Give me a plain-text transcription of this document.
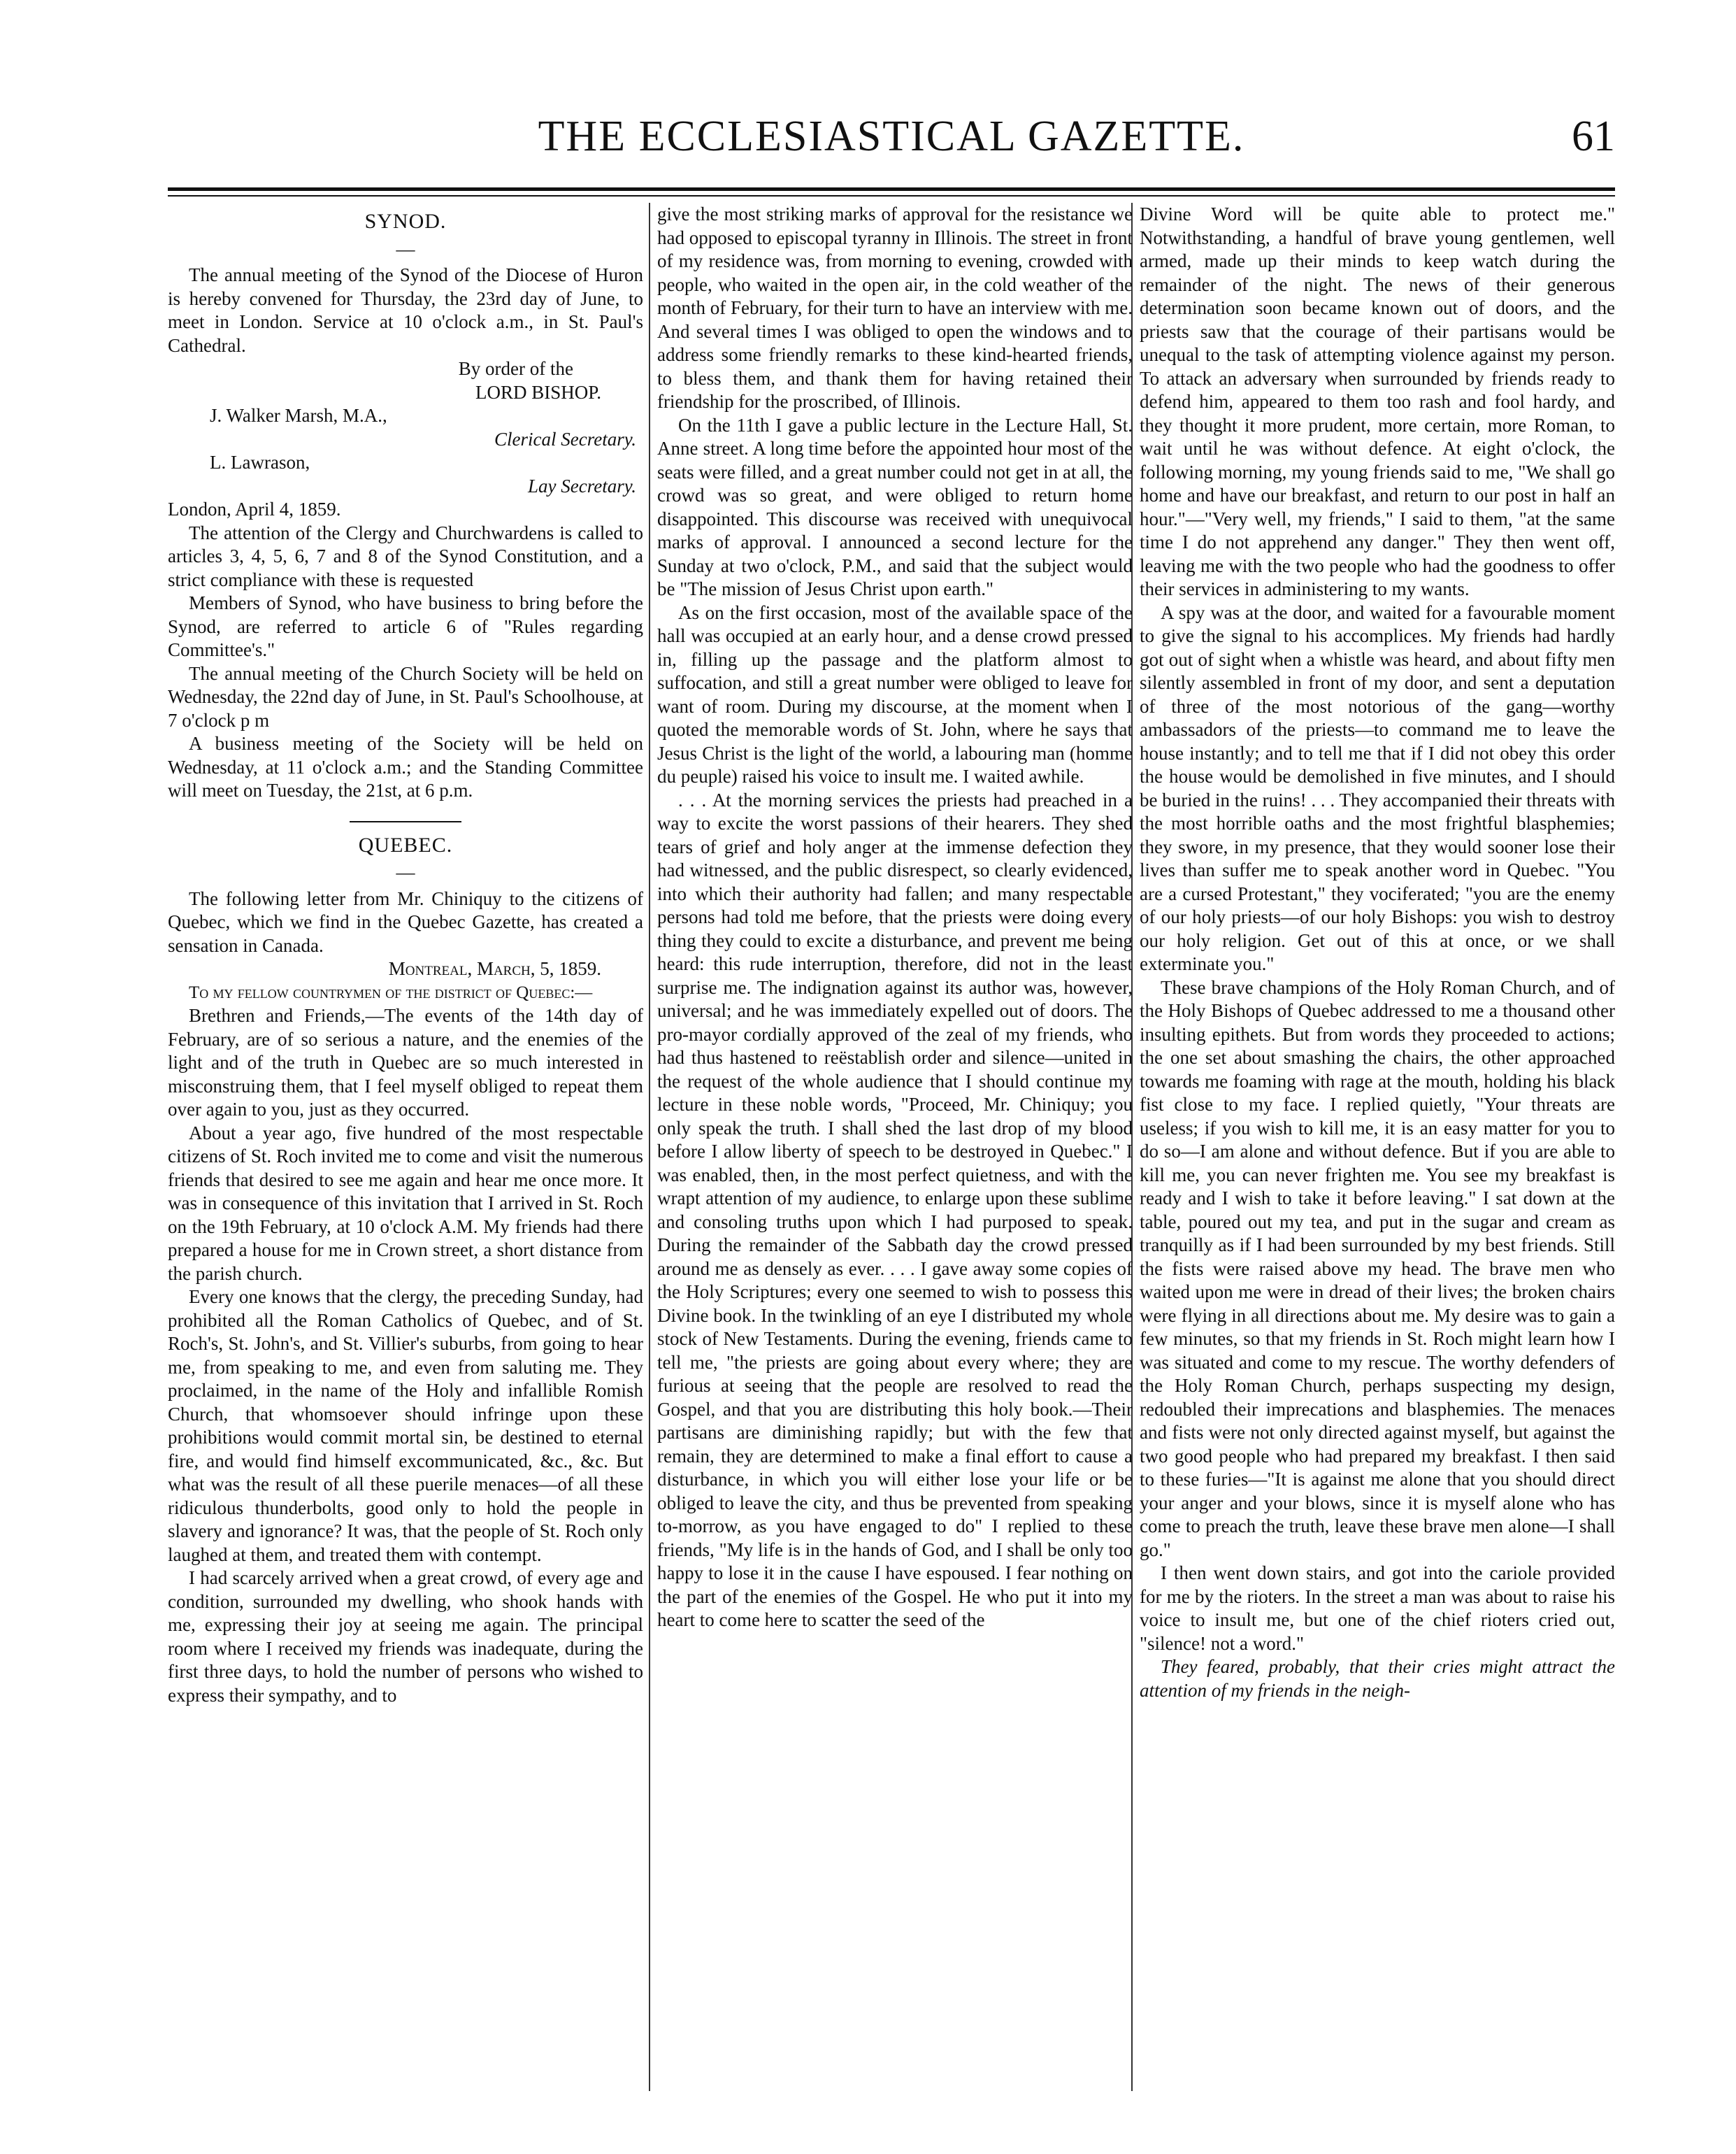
THE ECCLESIASTICAL GAZETTE.	61
SYNOD.
—

The annual meeting of the Synod of the Diocese of Huron is hereby convened for Thursday, the 23rd day of June, to meet in London. Service at 10 o'clock a.m., in St. Paul's Cathedral.

By order of the
LORD BISHOP.
J. Walker Marsh, M.A.,
Clerical Secretary.
L. Lawrason,
Lay Secretary.
London, April 4, 1859.

The attention of the Clergy and Churchwardens is called to articles 3, 4, 5, 6, 7 and 8 of the Synod Constitution, and a strict compliance with these is requested

Members of Synod, who have business to bring before the Synod, are referred to article 6 of "Rules regarding Committee's."

The annual meeting of the Church Society will be held on Wednesday, the 22nd day of June, in St. Paul's Schoolhouse, at 7 o'clock p m

A business meeting of the Society will be held on Wednesday, at 11 o'clock a.m.; and the Standing Committee will meet on Tuesday, the 21st, at 6 p.m.

QUEBEC.
—

The following letter from Mr. Chiniquy to the citizens of Quebec, which we find in the Quebec Gazette, has created a sensation in Canada.

Montreal, March, 5, 1859.

To my fellow countrymen of the district of Quebec:—

Brethren and Friends,—The events of the 14th day of February, are of so serious a nature, and the enemies of the light and of the truth in Quebec are so much interested in misconstruing them, that I feel myself obliged to repeat them over again to you, just as they occurred.

About a year ago, five hundred of the most respectable citizens of St. Roch invited me to come and visit the numerous friends that desired to see me again and hear me once more. It was in consequence of this invitation that I arrived in St. Roch on the 19th February, at 10 o'clock A.M. My friends had there prepared a house for me in Crown street, a short distance from the parish church.

Every one knows that the clergy, the preceding Sunday, had prohibited all the Roman Catholics of Quebec, and of St. Roch's, St. John's, and St. Villier's suburbs, from going to hear me, from speaking to me, and even from saluting me. They proclaimed, in the name of the Holy and infallible Romish Church, that whomsoever should infringe upon these prohibitions would commit mortal sin, be destined to eternal fire, and would find himself excommunicated, &c., &c. But what was the result of all these puerile menaces—of all these ridiculous thunderbolts, good only to hold the people in slavery and ignorance? It was, that the people of St. Roch only laughed at them, and treated them with contempt.

I had scarcely arrived when a great crowd, of every age and condition, surrounded my dwelling, who shook hands with me, expressing their joy at seeing me again. The principal room where I received my friends was inadequate, during the first three days, to hold the number of persons who wished to express their sympathy, and to

give the most striking marks of approval for the resistance we had opposed to episcopal tyranny in Illinois. The street in front of my residence was, from morning to evening, crowded with people, who waited in the open air, in the cold weather of the month of February, for their turn to have an interview with me. And several times I was obliged to open the windows and to address some friendly remarks to these kind-hearted friends, to bless them, and thank them for having retained their friendship for the proscribed, of Illinois.

On the 11th I gave a public lecture in the Lecture Hall, St. Anne street. A long time before the appointed hour most of the seats were filled, and a great number could not get in at all, the crowd was so great, and were obliged to return home disappointed. This discourse was received with unequivocal marks of approval. I announced a second lecture for the Sunday at two o'clock, P.M., and said that the subject would be "The mission of Jesus Christ upon earth."

As on the first occasion, most of the available space of the hall was occupied at an early hour, and a dense crowd pressed in, filling up the passage and the platform almost to suffocation, and still a great number were obliged to leave for want of room. During my discourse, at the moment when I quoted the memorable words of St. John, where he says that Jesus Christ is the light of the world, a labouring man (homme du peuple) raised his voice to insult me. I waited awhile.

. . . At the morning services the priests had preached in a way to excite the worst passions of their hearers. They shed tears of grief and holy anger at the immense defection they had witnessed, and the public disrespect, so clearly evidenced, into which their authority had fallen; and many respectable persons had told me before, that the priests were doing every thing they could to excite a disturbance, and prevent me being heard: this rude interruption, therefore, did not in the least surprise me. The indignation against its author was, however, universal; and he was immediately expelled out of doors. The pro-mayor cordially approved of the zeal of my friends, who had thus hastened to reëstablish order and silence—united in the request of the whole audience that I should continue my lecture in these noble words, "Proceed, Mr. Chiniquy; you only speak the truth. I shall shed the last drop of my blood before I allow liberty of speech to be destroyed in Quebec." I was enabled, then, in the most perfect quietness, and with the wrapt attention of my audience, to enlarge upon these sublime and consoling truths upon which I had purposed to speak. During the remainder of the Sabbath day the crowd pressed around me as densely as ever. . . . I gave away some copies of the Holy Scriptures; every one seemed to wish to possess this Divine book. In the twinkling of an eye I distributed my whole stock of New Testaments. During the evening, friends came to tell me, "the priests are going about every where; they are furious at seeing that the people are resolved to read the Gospel, and that you are distributing this holy book.—Their partisans are diminishing rapidly; but with the few that remain, they are determined to make a final effort to cause a disturbance, in which you will either lose your life or be obliged to leave the city, and thus be prevented from speaking to-morrow, as you have engaged to do" I replied to these friends, "My life is in the hands of God, and I shall be only too happy to lose it in the cause I have espoused. I fear nothing on the part of the enemies of the Gospel. He who put it into my heart to come here to scatter the seed of the

Divine Word will be quite able to protect me." Notwithstanding, a handful of brave young gentlemen, well armed, made up their minds to keep watch during the remainder of the night. The news of their generous determination soon became known out of doors, and the priests saw that the courage of their partisans would be unequal to the task of attempting violence against my person. To attack an adversary when surrounded by friends ready to defend him, appeared to them too rash and fool hardy, and they thought it more prudent, more certain, more Roman, to wait until he was without defence. At eight o'clock, the following morning, my young friends said to me, "We shall go home and have our breakfast, and return to our post in half an hour."—"Very well, my friends," I said to them, "at the same time I do not apprehend any danger." They then went off, leaving me with the two people who had the goodness to offer their services in administering to my wants.

A spy was at the door, and waited for a favourable moment to give the signal to his accomplices. My friends had hardly got out of sight when a whistle was heard, and about fifty men silently assembled in front of my door, and sent a deputation of three of the most notorious of the gang—worthy ambassadors of the priests—to command me to leave the house instantly; and to tell me that if I did not obey this order the house would be demolished in five minutes, and I should be buried in the ruins! . . . They accompanied their threats with the most horrible oaths and the most frightful blasphemies; they swore, in my presence, that they would sooner lose their lives than suffer me to speak another word in Quebec. "You are a cursed Protestant," they vociferated; "you are the enemy of our holy priests—of our holy Bishops: you wish to destroy our holy religion. Get out of this at once, or we shall exterminate you."

These brave champions of the Holy Roman Church, and of the Holy Bishops of Quebec addressed to me a thousand other insulting epithets. But from words they proceeded to actions; the one set about smashing the chairs, the other approached towards me foaming with rage at the mouth, holding his black fist close to my face. I replied quietly, "Your threats are useless; if you wish to kill me, it is an easy matter for you to do so—I am alone and without defence. But if you are able to kill me, you can never frighten me. You see my breakfast is ready and I wish to take it before leaving." I sat down at the table, poured out my tea, and put in the sugar and cream as tranquilly as if I had been surrounded by my best friends. Still the fists were raised above my head. The brave men who waited upon me were in dread of their lives; the broken chairs were flying in all directions about me. My desire was to gain a few minutes, so that my friends in St. Roch might learn how I was situated and come to my rescue. The worthy defenders of the Holy Roman Church, perhaps suspecting my design, redoubled their imprecations and blasphemies. The menaces and fists were not only directed against myself, but against the two good people who had prepared my breakfast. I then said to these furies—"It is against me alone that you should direct your anger and your blows, since it is myself alone who has come to preach the truth, leave these brave men alone—I shall go."

I then went down stairs, and got into the cariole provided for me by the rioters. In the street a man was about to raise his voice to insult me, but one of the chief rioters cried out, "silence! not a word."

They feared, probably, that their cries might attract the attention of my friends in the neigh-
